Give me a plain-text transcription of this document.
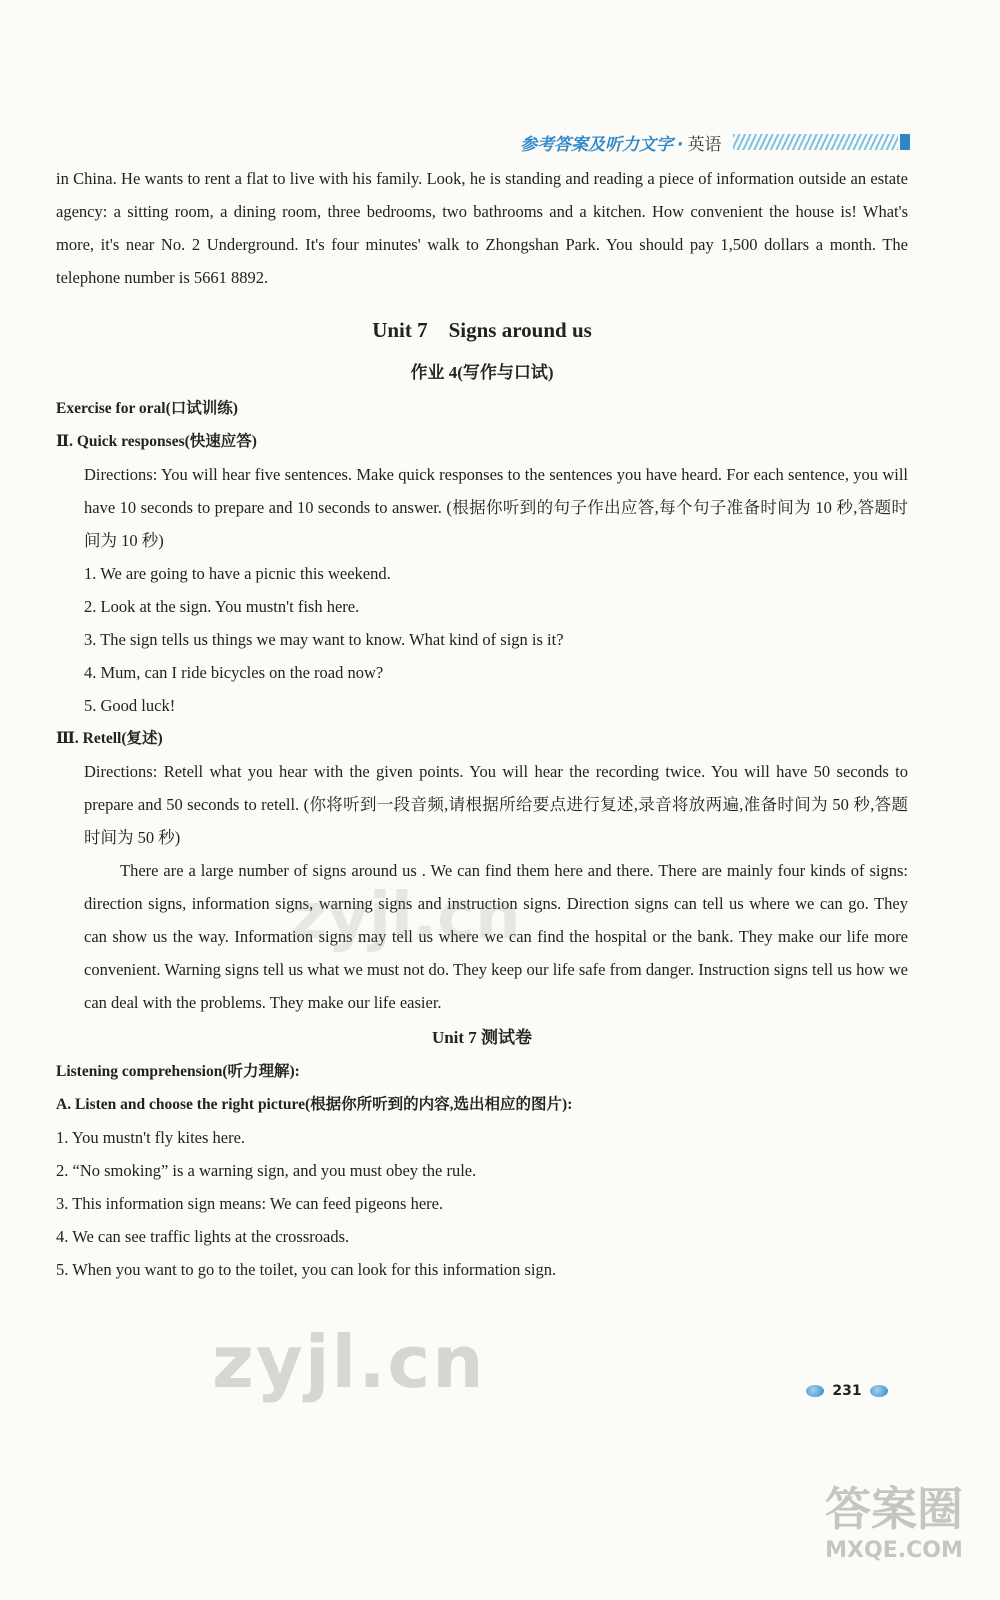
参考答案及听力文字 · 英语

in China. He wants to rent a flat to live with his family. Look, he is standing and reading a piece of information outside an estate agency: a sitting room, a dining room, three bedrooms, two bathrooms and a kitchen. How convenient the house is! What's more, it's near No. 2 Underground. It's four minutes' walk to Zhongshan Park. You should pay 1,500 dollars a month. The telephone number is 5661 8892.

Unit 7    Signs around us
作业 4(写作与口试)

Exercise for oral(口试训练)

Ⅱ. Quick responses(快速应答)

Directions: You will hear five sentences. Make quick responses to the sentences you have heard. For each sentence, you will have 10 seconds to prepare and 10 seconds to answer. (根据你听到的句子作出应答,每个句子准备时间为 10 秒,答题时间为 10 秒)

1. We are going to have a picnic this weekend.

2. Look at the sign. You mustn't fish here.

3. The sign tells us things we may want to know. What kind of sign is it?

4. Mum, can I ride bicycles on the road now?

5. Good luck!

Ⅲ. Retell(复述)

Directions: Retell what you hear with the given points. You will hear the recording twice. You will have 50 seconds to prepare and 50 seconds to retell. (你将听到一段音频,请根据所给要点进行复述,录音将放两遍,准备时间为 50 秒,答题时间为 50 秒)

There are a large number of signs around us . We can find them here and there. There are mainly four kinds of signs: direction signs, information signs, warning signs and instruction signs. Direction signs can tell us where we can go. They can show us the way. Information signs may tell us where we can find the hospital or the bank. They make our life more convenient. Warning signs tell us what we must not do. They keep our life safe from danger. Instruction signs tell us how we can deal with the problems. They make our life easier.

Unit 7 测试卷

Listening comprehension(听力理解):

A. Listen and choose the right picture(根据你所听到的内容,选出相应的图片):

1. You mustn't fly kites here.

2. “No smoking” is a warning sign, and you must obey the rule.

3. This information sign means: We can feed pigeons here.

4. We can see traffic lights at the crossroads.

5. When you want to go to the toilet, you can look for this information sign.

zyjl.cn
zyjl.cn	231
答案圈
MXQE.COM
